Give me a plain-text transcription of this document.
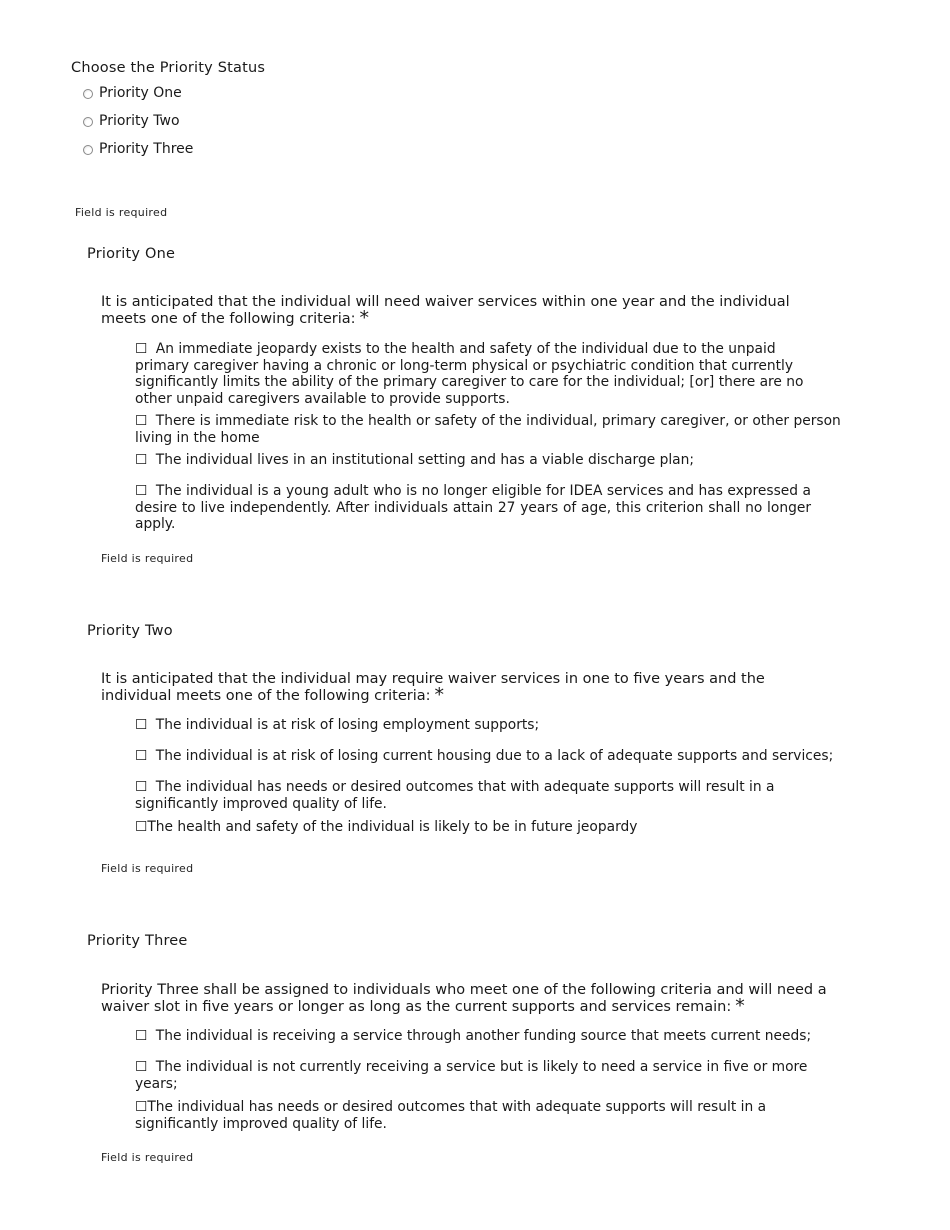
Choose the Priority Status
Priority One
Priority Two
Priority Three
Field is required
Priority One
It is anticipated that the individual will need waiver services within one year and the individual meets one of the following criteria: *
☐ An immediate jeopardy exists to the health and safety of the individual due to the unpaid primary caregiver having a chronic or long-term physical or psychiatric condition that currently significantly limits the ability of the primary caregiver to care for the individual; [or] there are no other unpaid caregivers available to provide supports.
☐ There is immediate risk to the health or safety of the individual, primary caregiver, or other person living in the home
☐ The individual lives in an institutional setting and has a viable discharge plan;
☐ The individual is a young adult who is no longer eligible for IDEA services and has expressed a desire to live independently. After individuals attain 27 years of age, this criterion shall no longer apply.
Field is required
Priority Two
It is anticipated that the individual may require waiver services in one to five years and the individual meets one of the following criteria: *
☐ The individual is at risk of losing employment supports;
☐ The individual is at risk of losing current housing due to a lack of adequate supports and services;
☐ The individual has needs or desired outcomes that with adequate supports will result in a significantly improved quality of life.
☐The health and safety of the individual is likely to be in future jeopardy
Field is required
Priority Three
Priority Three shall be assigned to individuals who meet one of the following criteria and will need a waiver slot in five years or longer as long as the current supports and services remain: *
☐ The individual is receiving a service through another funding source that meets current needs;
☐ The individual is not currently receiving a service but is likely to need a service in five or more years;
☐The individual has needs or desired outcomes that with adequate supports will result in a significantly improved quality of life.
Field is required
